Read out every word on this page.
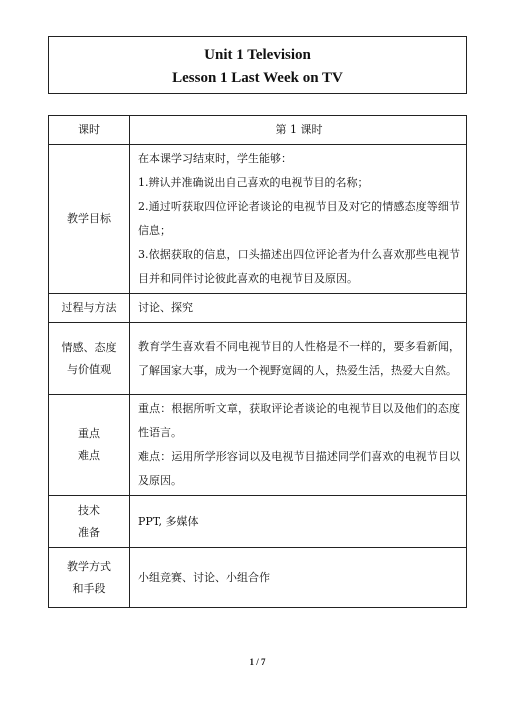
Unit 1 Television
Lesson 1 Last Week on TV
课时	第 1 课时
教学目标	在本课学习结束时，学生能够：
1.辨认并准确说出自己喜欢的电视节目的名称；
2.通过听获取四位评论者谈论的电视节目及对它的情感态度等细节信息；
3.依据获取的信息，口头描述出四位评论者为什么喜欢那些电视节目并和同伴讨论彼此喜欢的电视节目及原因。

过程与方法	讨论、探究

情感、态度
与价值观	教育学生喜欢看不同电视节目的人性格是不一样的，要多看新闻，了解国家大事，成为一个视野宽阔的人，热爱生活，热爱大自然。

重点
难点	重点：根据所听文章，获取评论者谈论的电视节目以及他们的态度性语言。
难点：运用所学形容词以及电视节目描述同学们喜欢的电视节目以及原因。

技术
准备	PPT, 多媒体

教学方式
和手段	小组竞赛、讨论、小组合作
1 / 7
